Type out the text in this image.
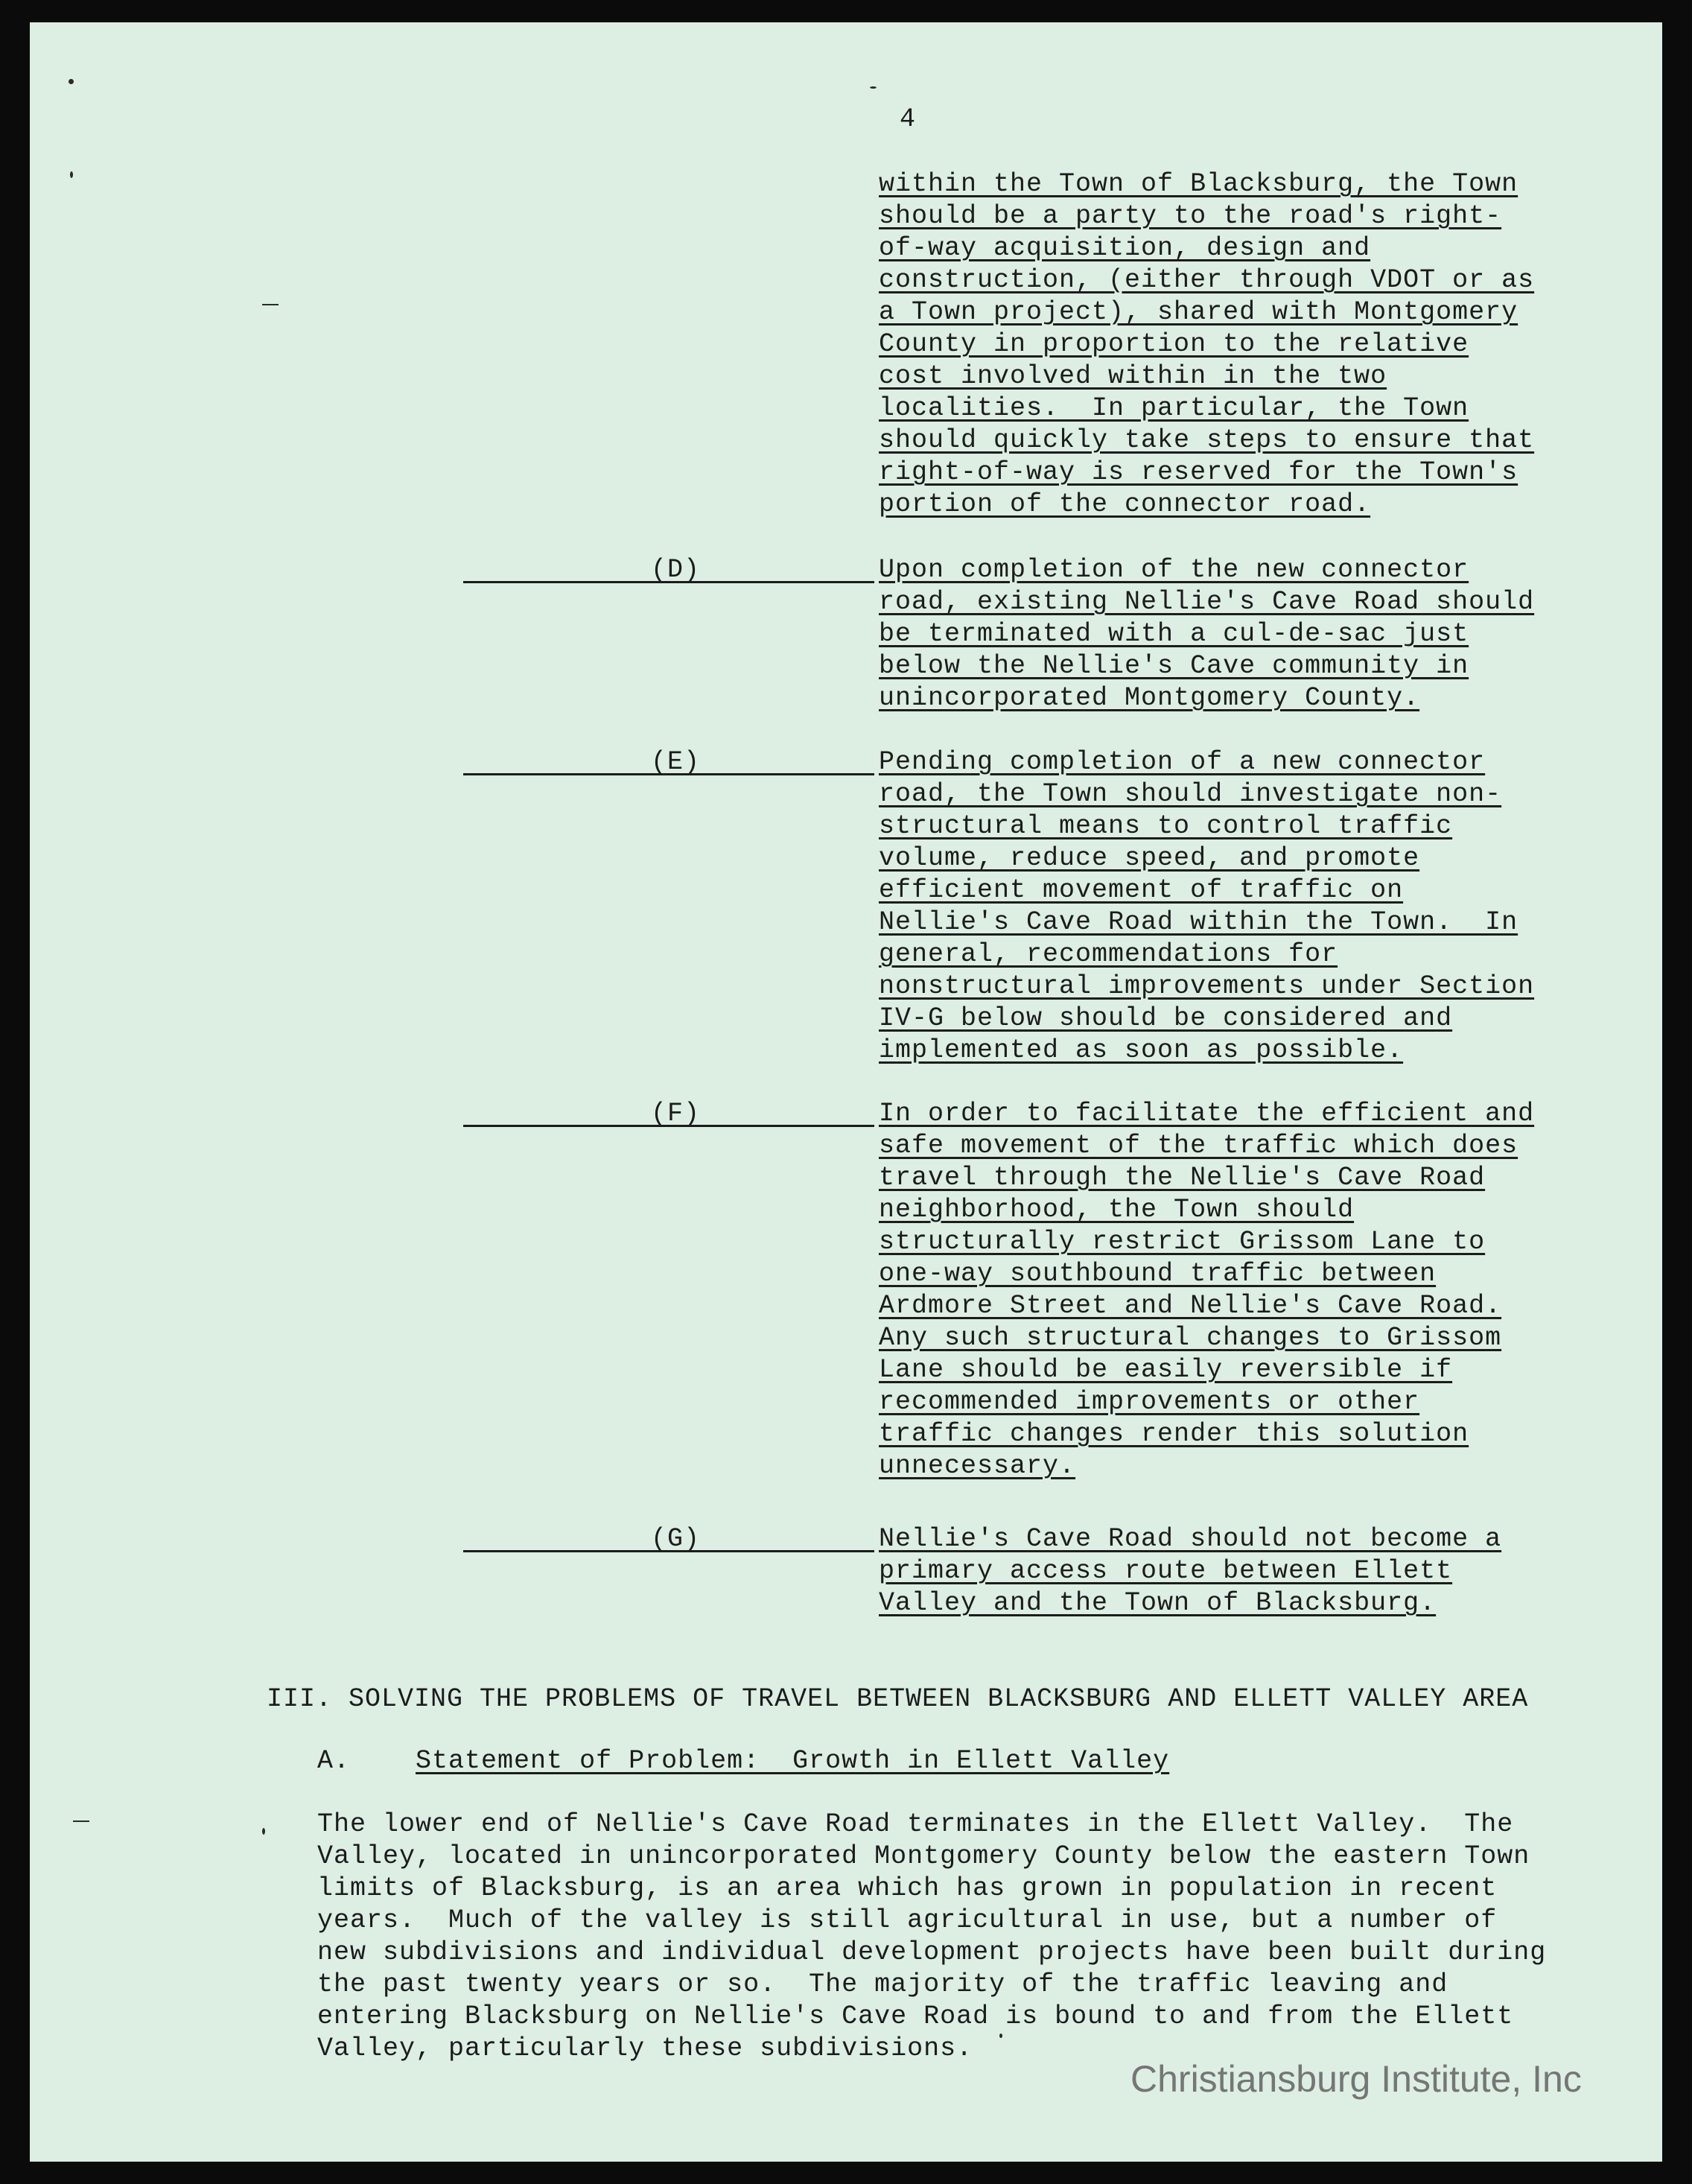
4
within the Town of Blacksburg, the Town
should be a party to the road's right-
of-way acquisition, design and
construction, (either through VDOT or as
a Town project), shared with Montgomery
County in proportion to the relative
cost involved within in the two
localities.  In particular, the Town
should quickly take steps to ensure that
right-of-way is reserved for the Town's
portion of the connector road.
(D)	Upon completion of the new connector
road, existing Nellie's Cave Road should
be terminated with a cul-de-sac just
below the Nellie's Cave community in
unincorporated Montgomery County.
(E)	Pending completion of a new connector
road, the Town should investigate non-
structural means to control traffic
volume, reduce speed, and promote
efficient movement of traffic on
Nellie's Cave Road within the Town.  In
general, recommendations for
nonstructural improvements under Section
IV-G below should be considered and
implemented as soon as possible.
(F)	In order to facilitate the efficient and
safe movement of the traffic which does
travel through the Nellie's Cave Road
neighborhood, the Town should
structurally restrict Grissom Lane to
one-way southbound traffic between
Ardmore Street and Nellie's Cave Road.
Any such structural changes to Grissom
Lane should be easily reversible if
recommended improvements or other
traffic changes render this solution
unnecessary.
(G)	Nellie's Cave Road should not become a
primary access route between Ellett
Valley and the Town of Blacksburg.
III. SOLVING THE PROBLEMS OF TRAVEL BETWEEN BLACKSBURG AND ELLETT VALLEY AREA
A.	Statement of Problem:  Growth in Ellett Valley
The lower end of Nellie's Cave Road terminates in the Ellett Valley.  The
Valley, located in unincorporated Montgomery County below the eastern Town
limits of Blacksburg, is an area which has grown in population in recent
years.  Much of the valley is still agricultural in use, but a number of
new subdivisions and individual development projects have been built during
the past twenty years or so.  The majority of the traffic leaving and
entering Blacksburg on Nellie's Cave Road is bound to and from the Ellett
Valley, particularly these subdivisions.
Christiansburg Institute, Inc
